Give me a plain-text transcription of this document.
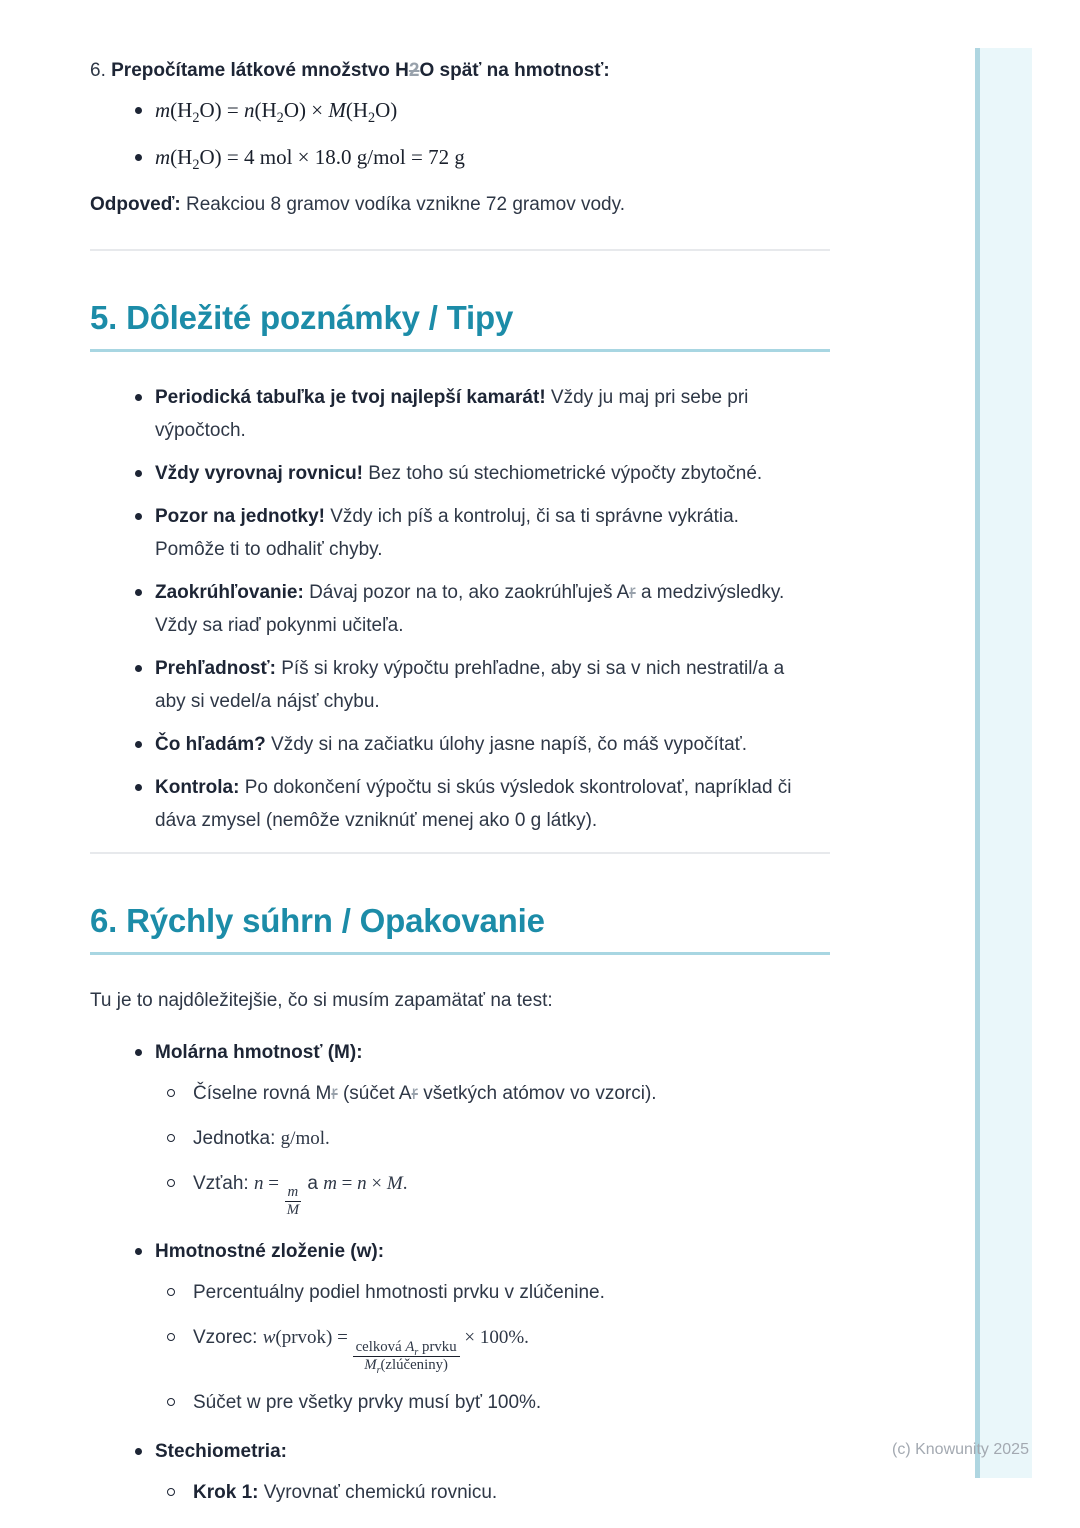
6. Prepočítame látkové množstvo H2O späť na hmotnosť:
$m(H_2O) = n(H_2O) \times M(H_2O)$
$m(H_2O) = 4$ mol × 18.0 g/mol = 72 g

Odpoveď: Reakciou 8 gramov vodíka vznikne 72 gramov vody.

5. Dôležité poznámky / Tipy
Periodická tabuľka je tvoj najlepší kamarát! Vždy ju maj pri sebe pri
výpočtoch.
Vždy vyrovnaj rovnicu! Bez toho sú stechiometrické výpočty zbytočné.
Pozor na jednotky! Vždy ich píš a kontroluj, či sa ti správne vykrátia.
Pomôže ti to odhaliť chyby.
Zaokrúhľovanie: Dávaj pozor na to, ako zaokrúhľuješ Ar a medzivýsledky.
Vždy sa riaď pokynmi učiteľa.
Prehľadnosť: Píš si kroky výpočtu prehľadne, aby si sa v nich nestratil/a a
aby si vedel/a nájsť chybu.
Čo hľadám? Vždy si na začiatku úlohy jasne napíš, čo máš vypočítať.
Kontrola: Po dokončení výpočtu si skús výsledok skontrolovať, napríklad či
dáva zmysel (nemôže vzniknúť menej ako 0 g látky).
6. Rýchly súhrn / Opakovanie

Tu je to najdôležitejšie, čo si musím zapamätať na test:

Molárna hmotnosť (M):
Číselne rovná Mr (súčet Ar všetkých atómov vo vzorci).
Jednotka: g/mol.
Vzťah: n =
$\frac{m}{M}$
a m = n × M.
Hmotnostné zloženie (w):
Percentuálny podiel hmotnosti prvku v zlúčenine.
Vzorec: w(prvok) =
$\frac{celková A_r prvku}{M_r(zlúčeniny)}$
× 100%.
Súčet w pre všetky prvky musí byť 100%.
Stechiometria:
Krok 1: Vyrovnať chemickú rovnicu.
(c) Knowunity 2025
